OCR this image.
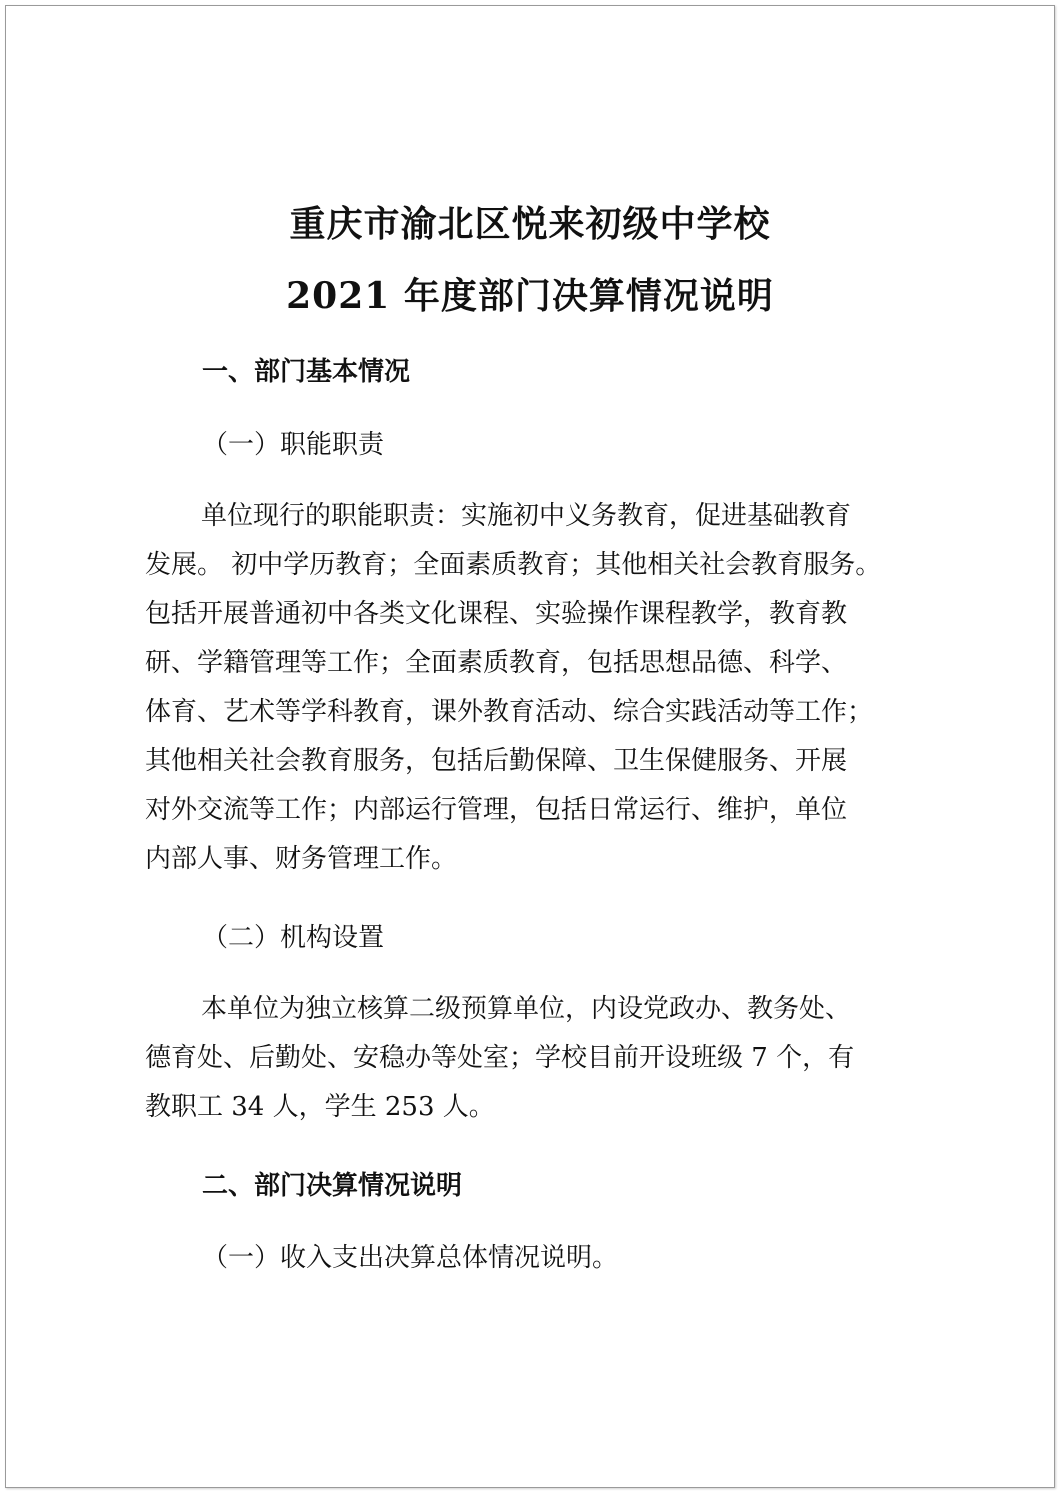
重庆市渝北区悦来初级中学校
2021 年度部门决算情况说明
一、部门基本情况
（一）职能职责
单位现行的职能职责：实施初中义务教育，促进基础教育
发展。 初中学历教育；全面素质教育；其他相关社会教育服务。
包括开展普通初中各类文化课程、实验操作课程教学，教育教
研、学籍管理等工作；全面素质教育，包括思想品德、科学、
体育、艺术等学科教育，课外教育活动、综合实践活动等工作；
其他相关社会教育服务，包括后勤保障、卫生保健服务、开展
对外交流等工作；内部运行管理，包括日常运行、维护，单位
内部人事、财务管理工作。
（二）机构设置
本单位为独立核算二级预算单位，内设党政办、教务处、
德育处、后勤处、安稳办等处室；学校目前开设班级 7 个，有
教职工 34 人，学生 253 人。
二、部门决算情况说明
（一）收入支出决算总体情况说明。
